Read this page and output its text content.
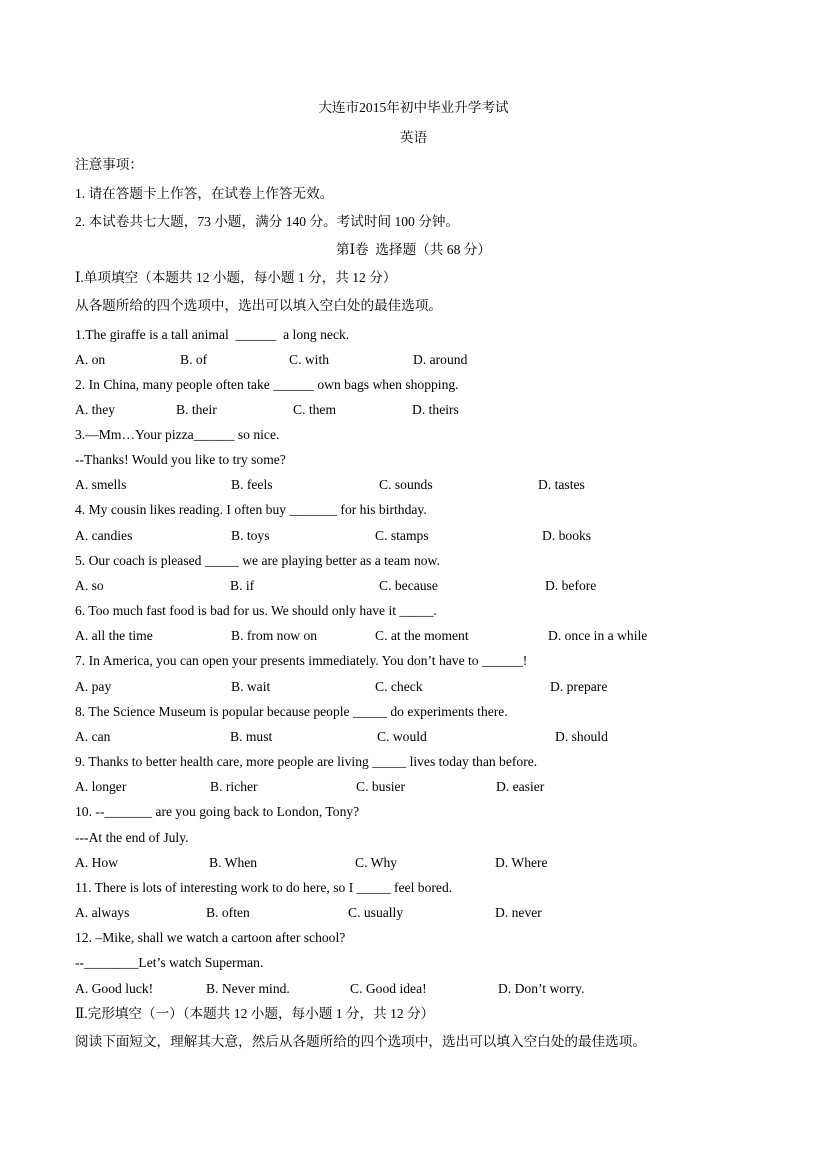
大连市2015年初中毕业升学考试
英语
注意事项：
1. 请在答题卡上作答，在试卷上作答无效。
2. 本试卷共七大题，73 小题，满分 140 分。考试时间 100 分钟。
第Ⅰ卷  选择题（共 68 分）
Ⅰ.单项填空（本题共 12 小题，每小题 1 分，共 12 分）
从各题所给的四个选项中，选出可以填入空白处的最佳选项。
1.The giraffe is a tall animal  ______  a long neck.
A. on	B. of	C. with	D. around
2. In China, many people often take ______ own bags when shopping.
A. they	B. their	C. them	D. theirs
3.—Mm…Your pizza______ so nice.
--Thanks! Would you like to try some?
A. smells	B. feels	C. sounds	D. tastes
4. My cousin likes reading. I often buy _______ for his birthday.
A. candies	B. toys	C. stamps	D. books
5. Our coach is pleased _____ we are playing better as a team now.
A. so	B. if	C. because	D. before
6. Too much fast food is bad for us. We should only have it _____.
A. all the time	B. from now on	C. at the moment	D. once in a while
7. In America, you can open your presents immediately. You don’t have to ______!
A. pay	B. wait	C. check	D. prepare
8. The Science Museum is popular because people _____ do experiments there.
A. can	B. must	C. would	D. should
9. Thanks to better health care, more people are living _____ lives today than before.
A. longer	B. richer	C. busier	D. easier
10. --_______ are you going back to London, Tony?
---At the end of July.
A. How	B. When	C. Why	D. Where
11. There is lots of interesting work to do here, so I _____ feel bored.
A. always	B. often	C. usually	D. never
12. –Mike, shall we watch a cartoon after school?
--________Let’s watch Superman.
A. Good luck!	B. Never mind.	C. Good idea!	D. Don’t worry.
Ⅱ.完形填空（一）（本题共 12 小题，每小题 1 分，共 12 分）
阅读下面短文，理解其大意，然后从各题所给的四个选项中，选出可以填入空白处的最佳选项。
